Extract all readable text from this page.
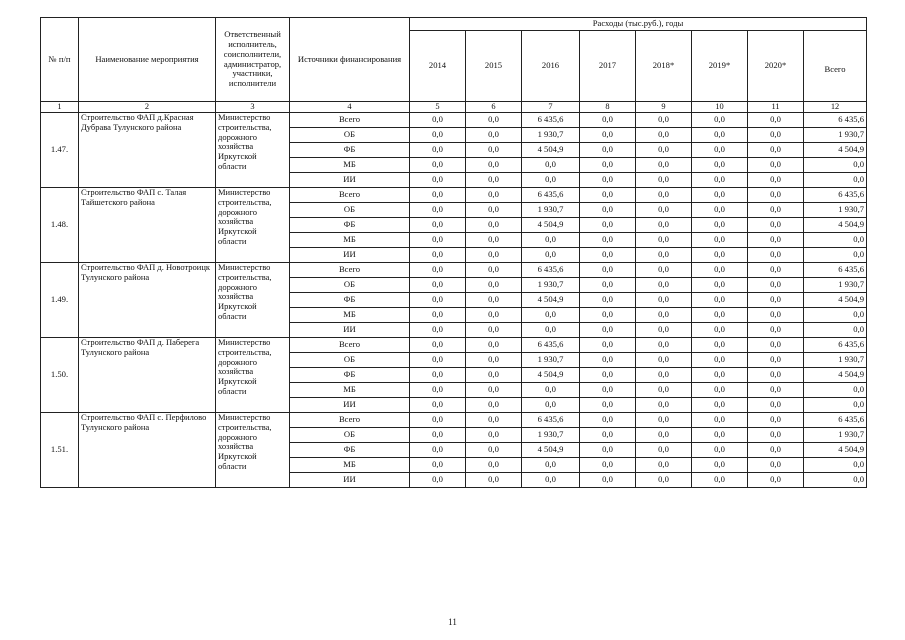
№ п/п	Наименование мероприятия	Ответственный исполнитель, соисполнители, администратор, участники, исполнители	Источники финансирования	Расходы (тыс.руб.), годы							
				2014	2015	2016	2017	2018*	2019*	2020*	Всего
1	2	3	4	5	6	7	8	9	10	11	12
1.47.	Строительство ФАП д.Красная Дубрава Тулунского района	Министерство строительства, дорожного хозяйства Иркутской области	Всего	0,0	0,0	6 435,6	0,0	0,0	0,0	0,0	6 435,6
			ОБ	0,0	0,0	1 930,7	0,0	0,0	0,0	0,0	1 930,7
			ФБ	0,0	0,0	4 504,9	0,0	0,0	0,0	0,0	4 504,9
			МБ	0,0	0,0	0,0	0,0	0,0	0,0	0,0	0,0
			ИИ	0,0	0,0	0,0	0,0	0,0	0,0	0,0	0,0
1.48.	Строительство ФАП с. Талая Тайшетского района	Министерство строительства, дорожного хозяйства Иркутской области	Всего	0,0	0,0	6 435,6	0,0	0,0	0,0	0,0	6 435,6
			ОБ	0,0	0,0	1 930,7	0,0	0,0	0,0	0,0	1 930,7
			ФБ	0,0	0,0	4 504,9	0,0	0,0	0,0	0,0	4 504,9
			МБ	0,0	0,0	0,0	0,0	0,0	0,0	0,0	0,0
			ИИ	0,0	0,0	0,0	0,0	0,0	0,0	0,0	0,0
1.49.	Строительство ФАП д. Новотроицк Тулунского района	Министерство строительства, дорожного хозяйства Иркутской области	Всего	0,0	0,0	6 435,6	0,0	0,0	0,0	0,0	6 435,6
			ОБ	0,0	0,0	1 930,7	0,0	0,0	0,0	0,0	1 930,7
			ФБ	0,0	0,0	4 504,9	0,0	0,0	0,0	0,0	4 504,9
			МБ	0,0	0,0	0,0	0,0	0,0	0,0	0,0	0,0
			ИИ	0,0	0,0	0,0	0,0	0,0	0,0	0,0	0,0
1.50.	Строительство ФАП д. Паберега Тулунского района	Министерство строительства, дорожного хозяйства Иркутской области	Всего	0,0	0,0	6 435,6	0,0	0,0	0,0	0,0	6 435,6
			ОБ	0,0	0,0	1 930,7	0,0	0,0	0,0	0,0	1 930,7
			ФБ	0,0	0,0	4 504,9	0,0	0,0	0,0	0,0	4 504,9
			МБ	0,0	0,0	0,0	0,0	0,0	0,0	0,0	0,0
			ИИ	0,0	0,0	0,0	0,0	0,0	0,0	0,0	0,0
1.51.	Строительство ФАП с. Перфилово Тулунского района	Министерство строительства, дорожного хозяйства Иркутской области	Всего	0,0	0,0	6 435,6	0,0	0,0	0,0	0,0	6 435,6
			ОБ	0,0	0,0	1 930,7	0,0	0,0	0,0	0,0	1 930,7
			ФБ	0,0	0,0	4 504,9	0,0	0,0	0,0	0,0	4 504,9
			МБ	0,0	0,0	0,0	0,0	0,0	0,0	0,0	0,0
			ИИ	0,0	0,0	0,0	0,0	0,0	0,0	0,0	0,0
11
